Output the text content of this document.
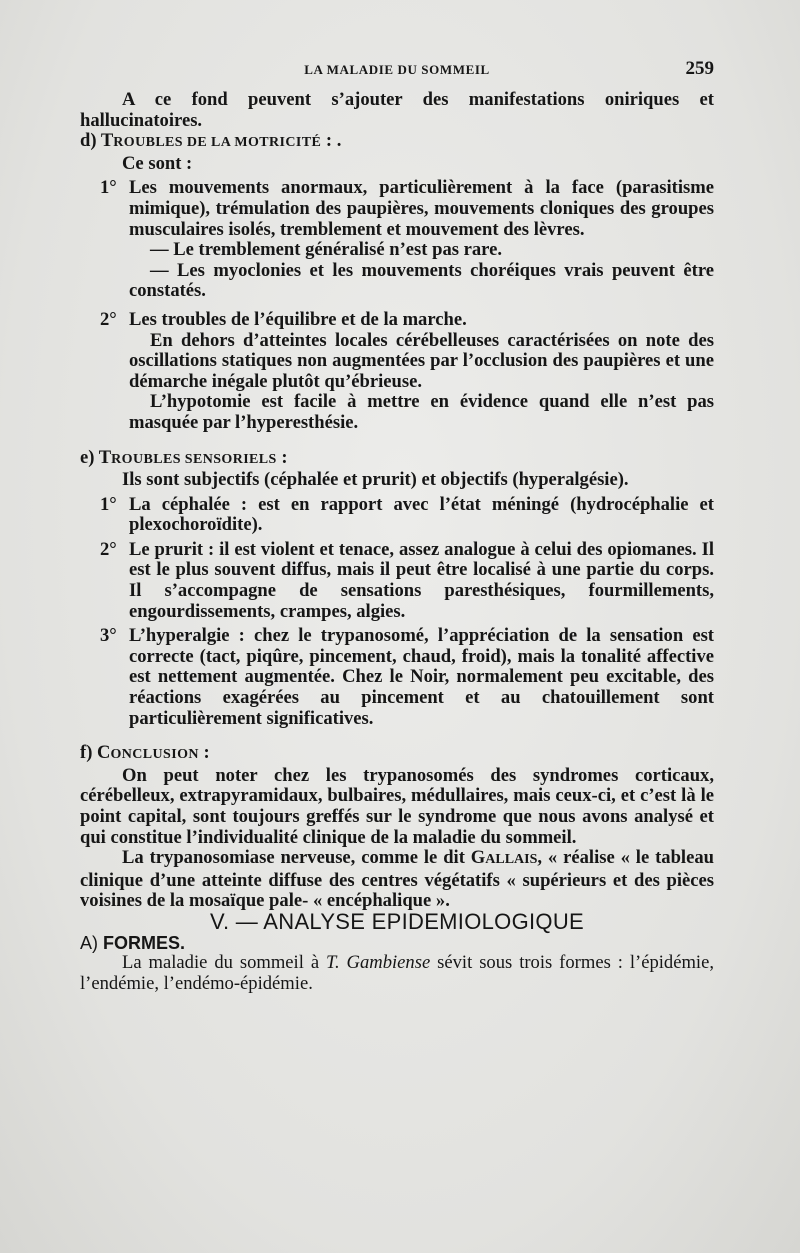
LA MALADIE DU SOMMEIL	259

A ce fond peuvent s’ajouter des manifestations oniriques et hallucinatoires.

d) TROUBLES DE LA MOTRICITÉ : .

Ce sont :

1° Les mouvements anormaux, particulièrement à la face (parasitisme mimique), trémulation des paupières, mouvements cloniques des groupes musculaires isolés, tremblement et mouvement des lèvres.

— Le tremblement généralisé n’est pas rare.

— Les myoclonies et les mouvements choréiques vrais peuvent être constatés.

2° Les troubles de l’équilibre et de la marche.

En dehors d’atteintes locales cérébelleuses caractérisées on note des oscillations statiques non augmentées par l’occlusion des paupières et une démarche inégale plutôt qu’ébrieuse.

L’hypotomie est facile à mettre en évidence quand elle n’est pas masquée par l’hyperesthésie.

e) TROUBLES SENSORIELS :

Ils sont subjectifs (céphalée et prurit) et objectifs (hyperalgésie).

1° La céphalée : est en rapport avec l’état méningé (hydrocéphalie et plexochoroïdite).

2° Le prurit : il est violent et tenace, assez analogue à celui des opiomanes. Il est le plus souvent diffus, mais il peut être localisé à une partie du corps. Il s’accompagne de sensations paresthésiques, fourmillements, engourdissements, crampes, algies.

3° L’hyperalgie : chez le trypanosomé, l’appréciation de la sensation est correcte (tact, piqûre, pincement, chaud, froid), mais la tonalité affective est nettement augmentée. Chez le Noir, normalement peu excitable, des réactions exagérées au pincement et au chatouillement sont particulièrement significatives.

f) CONCLUSION :

On peut noter chez les trypanosomés des syndromes corticaux, cérébelleux, extrapyramidaux, bulbaires, médullaires, mais ceux-ci, et c’est là le point capital, sont toujours greffés sur le syndrome que nous avons analysé et qui constitue l’individualité clinique de la maladie du sommeil.

La trypanosomiase nerveuse, comme le dit GALLAIS, « réalise « le tableau clinique d’une atteinte diffuse des centres végétatifs « supérieurs et des pièces voisines de la mosaïque pale- « encéphalique ».

V. — ANALYSE EPIDEMIOLOGIQUE

A) FORMES.

La maladie du sommeil à T. Gambiense sévit sous trois formes : l’épidémie, l’endémie, l’endémo-épidémie.
